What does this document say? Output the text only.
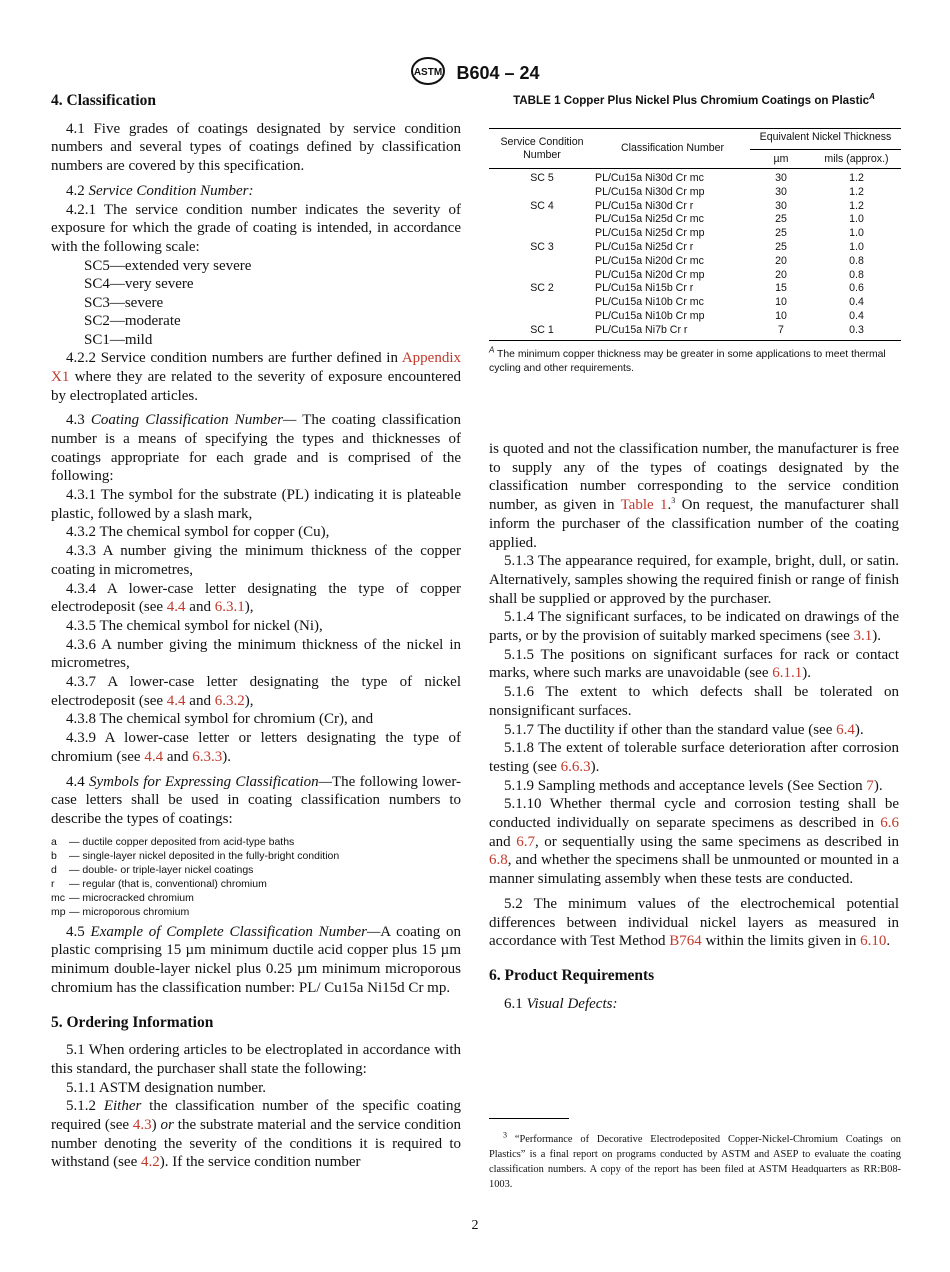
ASTM B604 – 24
4. Classification

4.1 Five grades of coatings designated by service condition numbers and several types of coatings defined by classification numbers are covered by this specification.

4.2 Service Condition Number:

4.2.1 The service condition number indicates the severity of exposure for which the grade of coating is intended, in accordance with the following scale:

SC5—extended very severe
SC4—very severe
SC3—severe
SC2—moderate
SC1—mild

4.2.2 Service condition numbers are further defined in Appendix X1 where they are related to the severity of exposure encountered by electroplated articles.

4.3 Coating Classification Number— The coating classification number is a means of specifying the types and thicknesses of coatings appropriate for each grade and is comprised of the following:

4.3.1 The symbol for the substrate (PL) indicating it is plateable plastic, followed by a slash mark,

4.3.2 The chemical symbol for copper (Cu),

4.3.3 A number giving the minimum thickness of the copper coating in micrometres,

4.3.4 A lower-case letter designating the type of copper electrodeposit (see 4.4 and 6.3.1),

4.3.5 The chemical symbol for nickel (Ni),

4.3.6 A number giving the minimum thickness of the nickel in micrometres,

4.3.7 A lower-case letter designating the type of nickel electrodeposit (see 4.4 and 6.3.2),

4.3.8 The chemical symbol for chromium (Cr), and

4.3.9 A lower-case letter or letters designating the type of chromium (see 4.4 and 6.3.3).

4.4 Symbols for Expressing Classification—The following lower-case letters shall be used in coating classification numbers to describe the types of coatings:

a	— ductile copper deposited from acid-type baths
b	— single-layer nickel deposited in the fully-bright condition
d	— double- or triple-layer nickel coatings
r	— regular (that is, conventional) chromium
mc — microcracked chromium
mp — microporous chromium

4.5 Example of Complete Classification Number—A coating on plastic comprising 15 µm minimum ductile acid copper plus 15 µm minimum double-layer nickel plus 0.25 µm minimum microporous chromium has the classification number: PL/ Cu15a Ni15d Cr mp.

5. Ordering Information

5.1 When ordering articles to be electroplated in accordance with this standard, the purchaser shall state the following:

5.1.1 ASTM designation number.

5.1.2 Either the classification number of the specific coating required (see 4.3) or the substrate material and the service condition number denoting the severity of the conditions it is required to withstand (see 4.2). If the service condition number

TABLE 1 Copper Plus Nickel Plus Chromium Coatings on Plastic$^A$
Service Condition Number	Classification Number	Equivalent Nickel Thickness	
		µm	mils (approx.)
SC 5	PL/Cu15a Ni30d Cr mc	30	1.2
	PL/Cu15a Ni30d Cr mp	30	1.2
SC 4	PL/Cu15a Ni30d Cr r	30	1.2
	PL/Cu15a Ni25d Cr mc	25	1.0
	PL/Cu15a Ni25d Cr mp	25	1.0
SC 3	PL/Cu15a Ni25d Cr r	25	1.0
	PL/Cu15a Ni20d Cr mc	20	0.8
	PL/Cu15a Ni20d Cr mp	20	0.8
SC 2	PL/Cu15a Ni15b Cr r	15	0.6
	PL/Cu15a Ni10b Cr mc	10	0.4
	PL/Cu15a Ni10b Cr mp	10	0.4
SC 1	PL/Cu15a Ni7b Cr r	7	0.3
$^A$ The minimum copper thickness may be greater in some applications to meet thermal cycling and other requirements.

is quoted and not the classification number, the manufacturer is free to supply any of the types of coatings designated by the classification number corresponding to the service condition number, as given in Table 1.$^3$ On request, the manufacturer shall inform the purchaser of the classification number of the coating applied.

5.1.3 The appearance required, for example, bright, dull, or satin. Alternatively, samples showing the required finish or range of finish shall be supplied or approved by the purchaser.

5.1.4 The significant surfaces, to be indicated on drawings of the parts, or by the provision of suitably marked specimens (see 3.1).

5.1.5 The positions on significant surfaces for rack or contact marks, where such marks are unavoidable (see 6.1.1).

5.1.6 The extent to which defects shall be tolerated on nonsignificant surfaces.

5.1.7 The ductility if other than the standard value (see 6.4).

5.1.8 The extent of tolerable surface deterioration after corrosion testing (see 6.6.3).

5.1.9 Sampling methods and acceptance levels (See Section 7).

5.1.10 Whether thermal cycle and corrosion testing shall be conducted individually on separate specimens as described in 6.6 and 6.7, or sequentially using the same specimens as described in 6.8, and whether the specimens shall be unmounted or mounted in a manner simulating assembly when these tests are conducted.

5.2 The minimum values of the electrochemical potential differences between individual nickel layers as measured in accordance with Test Method B764 within the limits given in 6.10.

6. Product Requirements

6.1 Visual Defects:

$^3$ “Performance of Decorative Electrodeposited Copper-Nickel-Chromium Coatings on Plastics” is a final report on programs conducted by ASTM and ASEP to evaluate the coating classification numbers. A copy of the report has been filed at ASTM Headquarters as RR:B08-1003.
2
